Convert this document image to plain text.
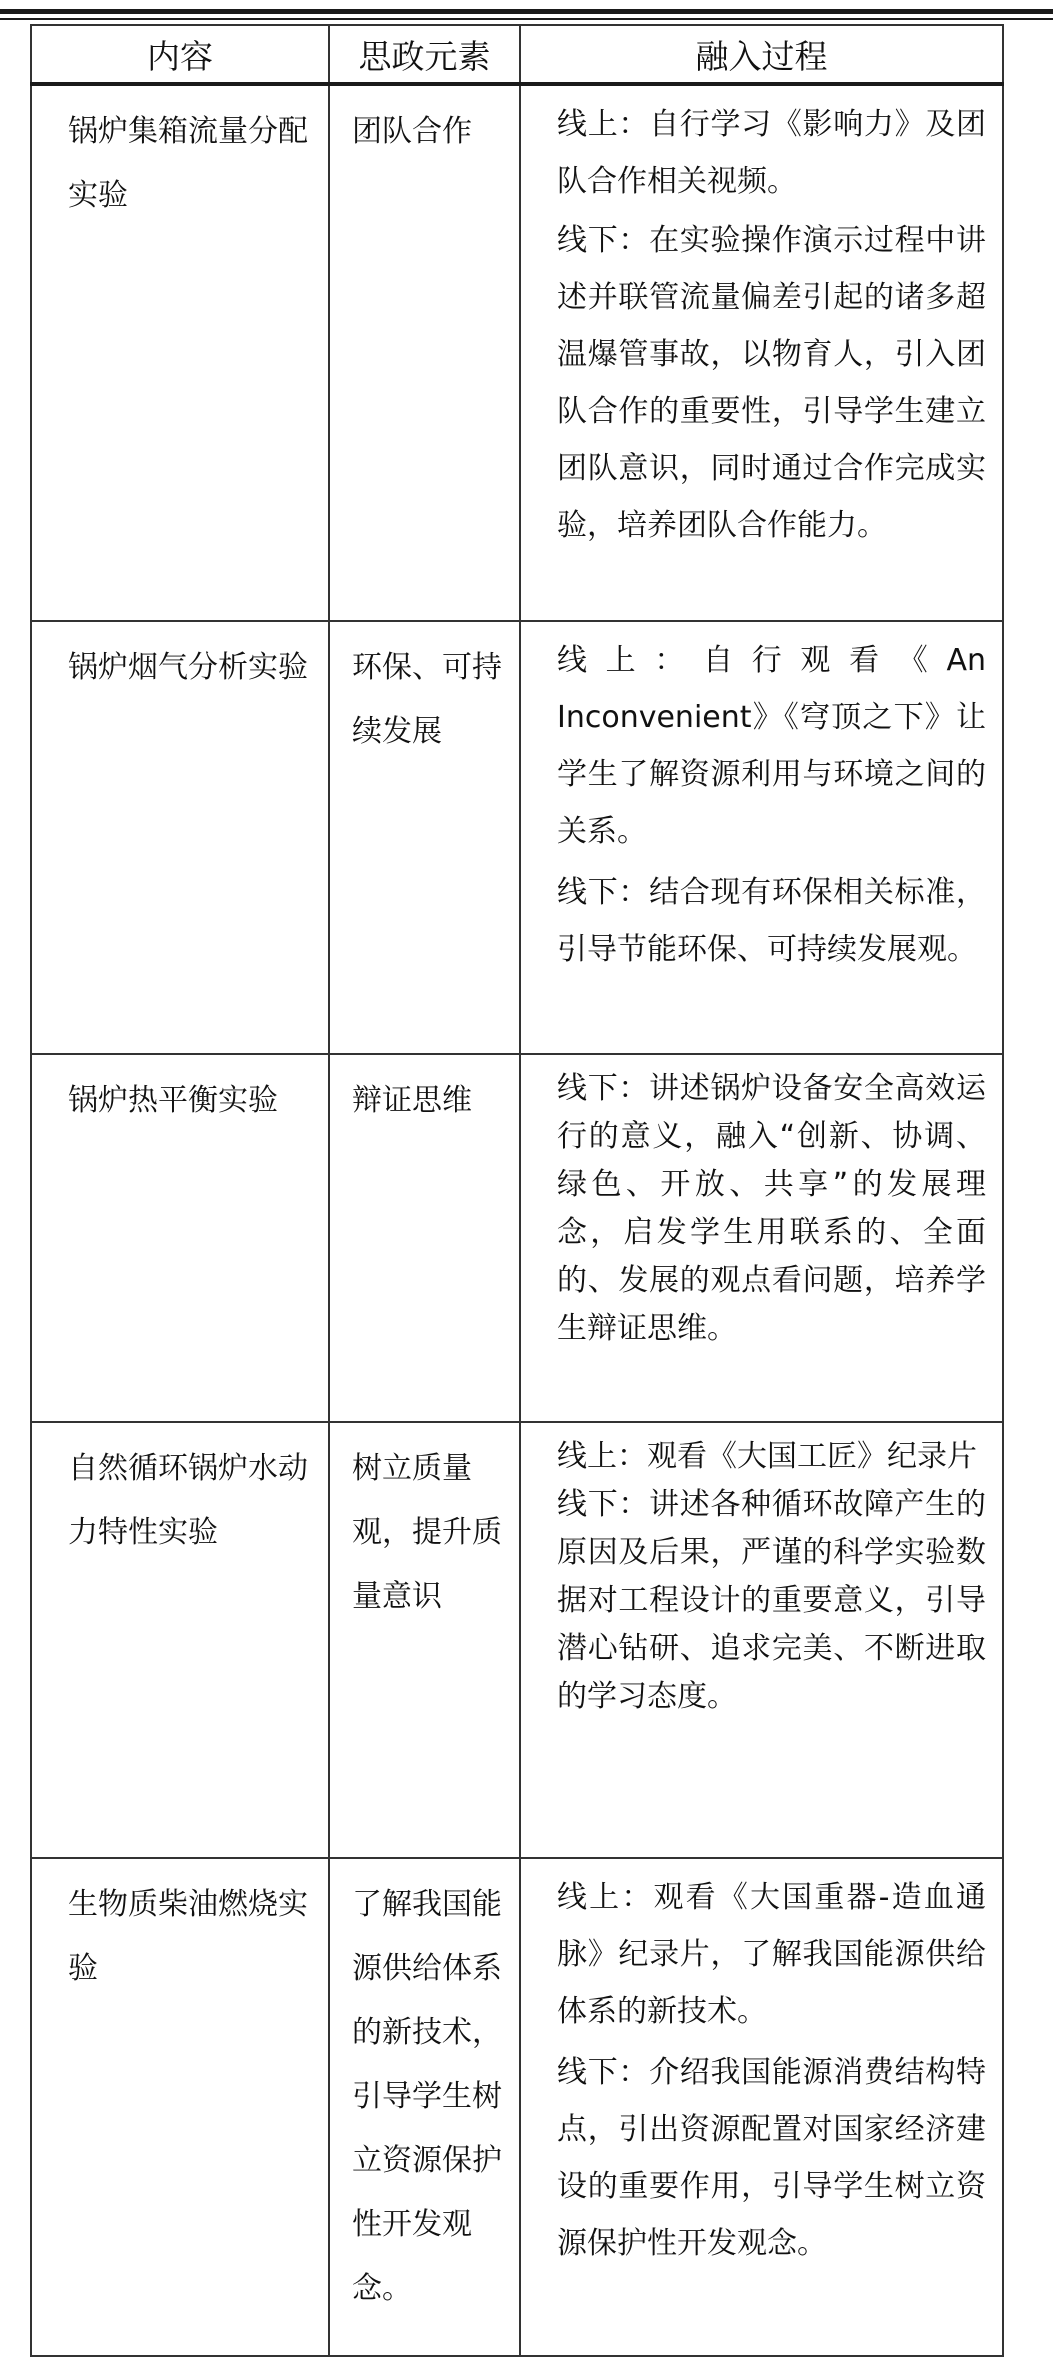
内容	思政元素	融入过程
锅炉集箱流量分配实验	团队合作	线上：自行学习《影响力》及团队合作相关视频。

线下：在实验操作演示过程中讲述并联管流量偏差引起的诸多超温爆管事故，以物育人，引入团队合作的重要性，引导学生建立团队意识，同时通过合作完成实验，培养团队合作能力。

锅炉烟气分析实验	环保、可持续发展	线上：自行观看《An Inconvenient》《穹顶之下》让学生了解资源利用与环境之间的关系。

线下：结合现有环保相关标准，引导节能环保、可持续发展观。

锅炉热平衡实验	辩证思维	线下：讲述锅炉设备安全高效运行的意义，融入“创新、协调、绿色、开放、共享”的发展理念，启发学生用联系的、全面的、发展的观点看问题，培养学生辩证思维。

自然循环锅炉水动力特性实验	树立质量观，提升质量意识	线上：观看《大国工匠》纪录片

线下：讲述各种循环故障产生的原因及后果，严谨的科学实验数据对工程设计的重要意义，引导潜心钻研、追求完美、不断进取的学习态度。

生物质柴油燃烧实验	了解我国能源供给体系的新技术，引导学生树立资源保护性开发观念。	线上：观看《大国重器-造血通脉》纪录片，了解我国能源供给体系的新技术。

线下：介绍我国能源消费结构特点，引出资源配置对国家经济建设的重要作用，引导学生树立资源保护性开发观念。
